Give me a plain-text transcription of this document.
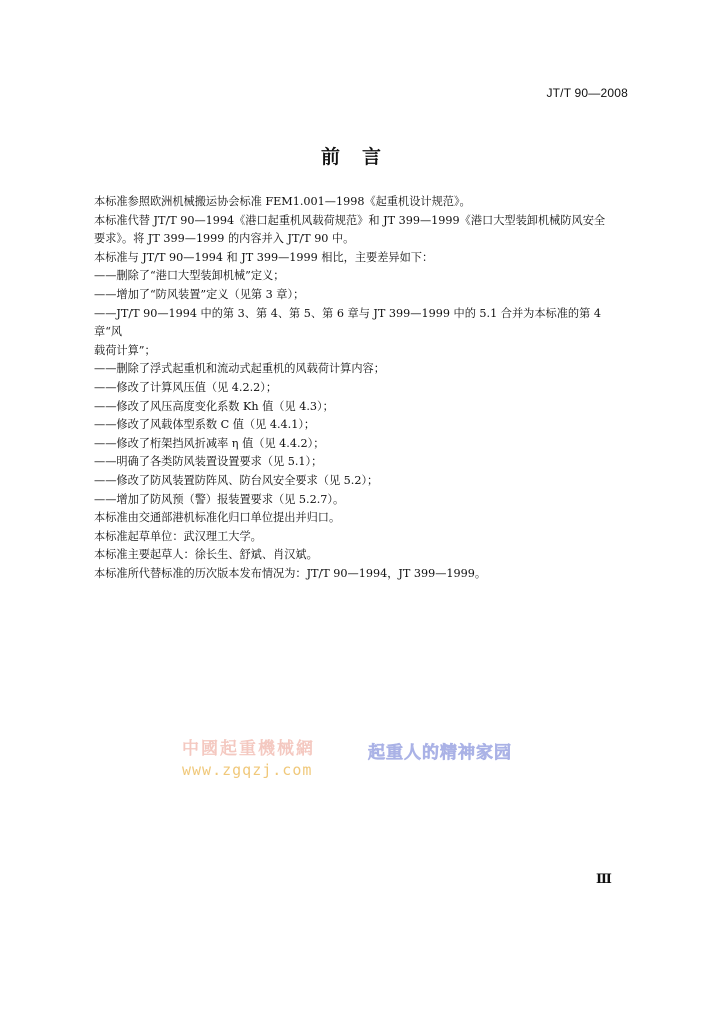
JT/T 90—2008
前言

本标准参照欧洲机械搬运协会标准 FEM1.001—1998《起重机设计规范》。

本标准代替 JT/T 90—1994《港口起重机风载荷规范》和 JT 399—1999《港口大型装卸机械防风安全

要求》。将 JT 399—1999 的内容并入 JT/T 90 中。

本标准与 JT/T 90—1994 和 JT 399—1999 相比，主要差异如下：

——删除了“港口大型装卸机械”定义；

——增加了“防风装置”定义（见第 3 章）；

——JT/T 90—1994 中的第 3、第 4、第 5、第 6 章与 JT 399—1999 中的 5.1 合并为本标准的第 4 章“风

载荷计算”；

——删除了浮式起重机和流动式起重机的风载荷计算内容；

——修改了计算风压值（见 4.2.2）；

——修改了风压高度变化系数 Kh 值（见 4.3）；

——修改了风载体型系数 C 值（见 4.4.1）；

——修改了桁架挡风折减率 η 值（见 4.4.2）；

——明确了各类防风装置设置要求（见 5.1）；

——修改了防风装置防阵风、防台风安全要求（见 5.2）；

——增加了防风预（警）报装置要求（见 5.2.7）。

本标准由交通部港机标准化归口单位提出并归口。

本标准起草单位：武汉理工大学。

本标准主要起草人：徐长生、舒斌、肖汉斌。

本标准所代替标准的历次版本发布情况为：JT/T 90—1994，JT 399—1999。

中國起重機械網
www.zgqzj.com
起重人的精神家园
Ⅲ
